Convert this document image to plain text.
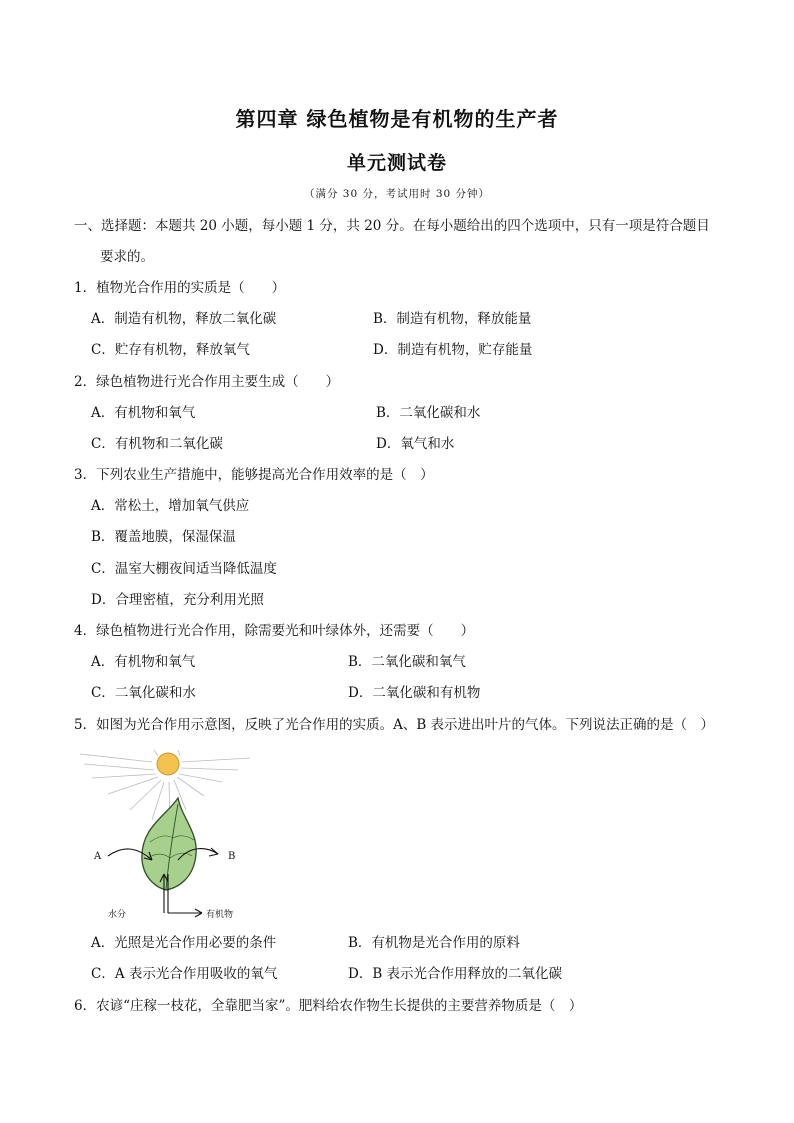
第四章 绿色植物是有机物的生产者
单元测试卷
（满分 30 分，考试用时 30 分钟）
一、选择题：本题共 20 小题，每小题 1 分，共 20 分。在每小题给出的四个选项中，只有一项是符合题目
要求的。
1．植物光合作用的实质是（　　）
A．制造有机物，释放二氧化碳	B．制造有机物，释放能量
C．贮存有机物，释放氧气	D．制造有机物，贮存能量
2．绿色植物进行光合作用主要生成（　　）
A．有机物和氧气	B．二氧化碳和水
C．有机物和二氧化碳	D．氧气和水
3．下列农业生产措施中，能够提高光合作用效率的是（　）
A．常松土，增加氧气供应
B．覆盖地膜，保湿保温
C．温室大棚夜间适当降低温度
D．合理密植，充分利用光照
4．绿色植物进行光合作用，除需要光和叶绿体外，还需要（　　）
A．有机物和氧气	B．二氧化碳和氧气
C．二氧化碳和水	D．二氧化碳和有机物
5．如图为光合作用示意图，反映了光合作用的实质。A、B 表示进出叶片的气体。下列说法正确的是（　）
A	B
水分	有机物
A．光照是光合作用必要的条件	B．有机物是光合作用的原料
C．A 表示光合作用吸收的氧气	D．B 表示光合作用释放的二氧化碳
6．农谚“庄稼一枝花，全靠肥当家”。肥料给农作物生长提供的主要营养物质是（　）
